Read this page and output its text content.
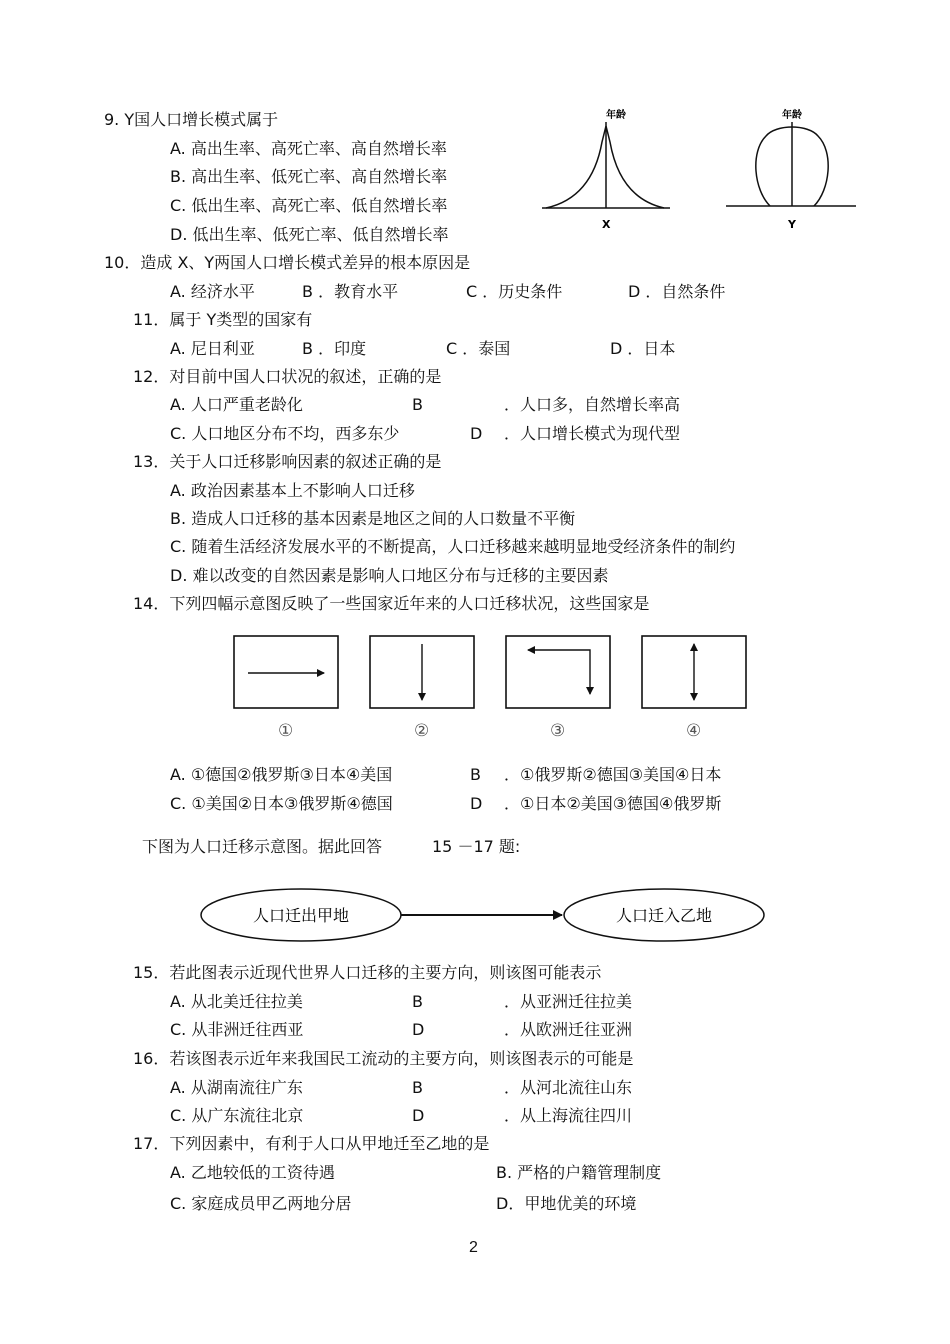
9. Y国人口增长模式属于
A. 高出生率、高死亡率、高自然增长率
B. 高出生率、低死亡率、高自然增长率
C. 低出生率、高死亡率、低自然增长率
D. 低出生率、低死亡率、低自然增长率
年龄
X
年龄
Y
10．造成 X、Y两国人口增长模式差异的根本原因是
A. 经济水平	B ．教育水平	C ．历史条件	D ．自然条件
11．属于 Y类型的国家有
A. 尼日利亚	B ．印度	C ．泰国	D ．日本
12．对目前中国人口状况的叙述，正确的是
A. 人口严重老龄化	B	．人口多，自然增长率高
C. 人口地区分布不均，西多东少	D ．人口增长模式为现代型
13．关于人口迁移影响因素的叙述正确的是
A. 政治因素基本上不影响人口迁移
B. 造成人口迁移的基本因素是地区之间的人口数量不平衡
C. 随着生活经济发展水平的不断提高，人口迁移越来越明显地受经济条件的制约
D. 难以改变的自然因素是影响人口地区分布与迁移的主要因素
14．下列四幅示意图反映了一些国家近年来的人口迁移状况，这些国家是
①	②	③	④
A. ①德国②俄罗斯③日本④美国	B ．①俄罗斯②德国③美国④日本
C. ①美国②日本③俄罗斯④德国	D ．①日本②美国③德国④俄罗斯
下图为人口迁移示意图。据此回答	15 －17 题:
人口迁出甲地	人口迁入乙地
15．若此图表示近现代世界人口迁移的主要方向，则该图可能表示
A. 从北美迁往拉美	B	．从亚洲迁往拉美
C. 从非洲迁往西亚	D	．从欧洲迁往亚洲
16．若该图表示近年来我国民工流动的主要方向，则该图表示的可能是
A. 从湖南流往广东	B	．从河北流往山东
C. 从广东流往北京	D	．从上海流往四川
17．下列因素中，有利于人口从甲地迁至乙地的是
A. 乙地较低的工资待遇	B. 严格的户籍管理制度
C. 家庭成员甲乙两地分居	D．甲地优美的环境
2
